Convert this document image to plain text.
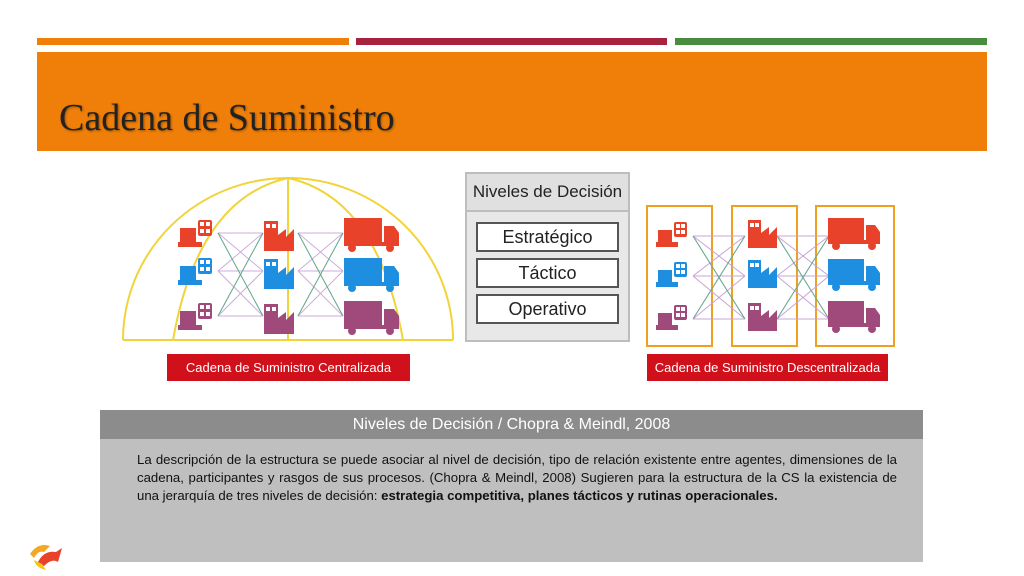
Cadena de Suministro
Cadena de Suministro Centralizada
Niveles de Decisión
Estratégico
Táctico
Operativo
Cadena de Suministro Descentralizada
Niveles de Decisión / Chopra & Meindl, 2008

La descripción de la estructura se puede asociar al nivel de decisión, tipo de relación existente entre agentes, dimensiones de la cadena, participantes y rasgos de sus procesos. (Chopra & Meindl, 2008) Sugieren para la estructura de la CS la existencia de una jerarquía de tres niveles de decisión: estrategia competitiva, planes tácticos y rutinas operacionales.
